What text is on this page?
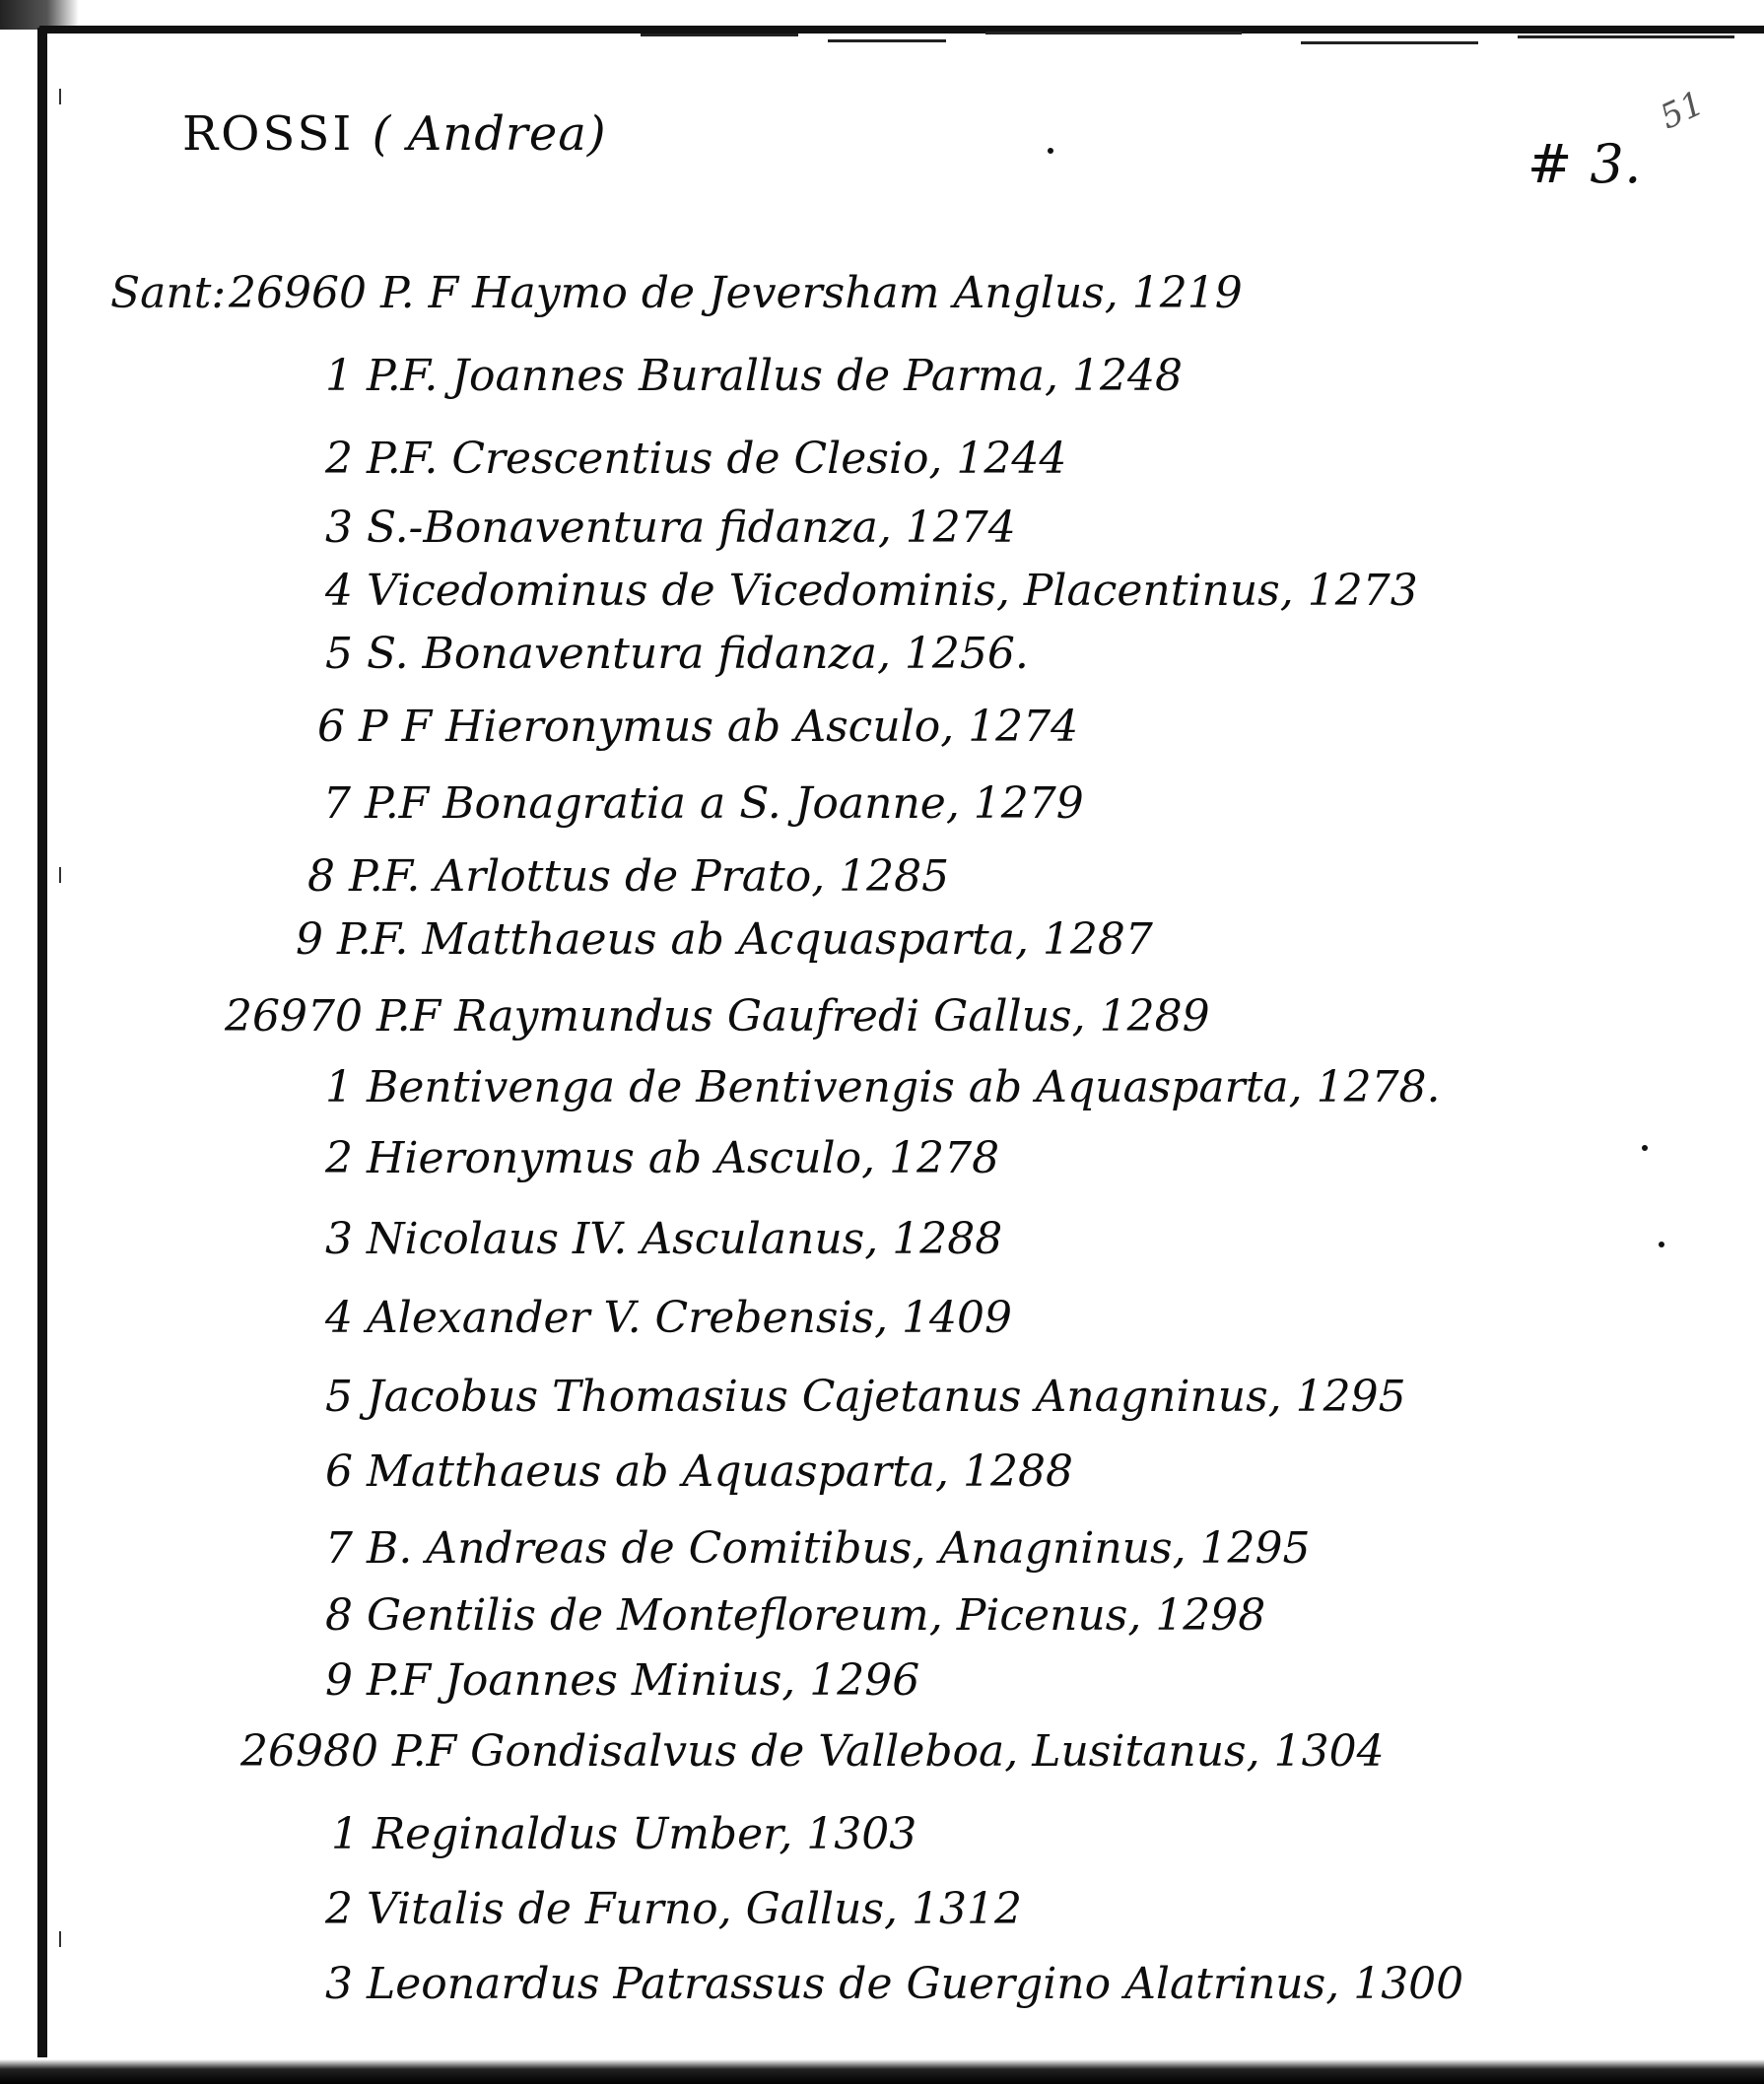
ROSSI ( Andrea)	# 3.
51
Sant: 26960 P. F Haymo de Jeversham Anglus, 1219
1 P.F. Joannes Burallus de Parma, 1248
2 P.F. Crescentius de Clesio, 1244
3 S.-Bonaventura fidanza, 1274
4 Vicedominus de Vicedominis, Placentinus, 1273
5 S. Bonaventura fidanza, 1256.
6 P F Hieronymus ab Asculo, 1274
7 P.F Bonagratia a S. Joanne, 1279
8 P.F. Arlottus de Prato, 1285
9 P.F. Matthaeus ab Acquasparta, 1287
26970 P.F Raymundus Gaufredi Gallus, 1289
1 Bentivenga de Bentivengis ab Aquasparta, 1278.
2 Hieronymus ab Asculo, 1278
3 Nicolaus IV. Asculanus, 1288
4 Alexander V. Crebensis, 1409
5 Jacobus Thomasius Cajetanus Anagninus, 1295
6 Matthaeus ab Aquasparta, 1288
7 B. Andreas de Comitibus, Anagninus, 1295
8 Gentilis de Montefloreum, Picenus, 1298
9 P.F Joannes Minius, 1296
26980 P.F Gondisalvus de Valleboa, Lusitanus, 1304
1 Reginaldus Umber, 1303
2 Vitalis de Furno, Gallus, 1312
3 Leonardus Patrassus de Guergino Alatrinus, 1300
